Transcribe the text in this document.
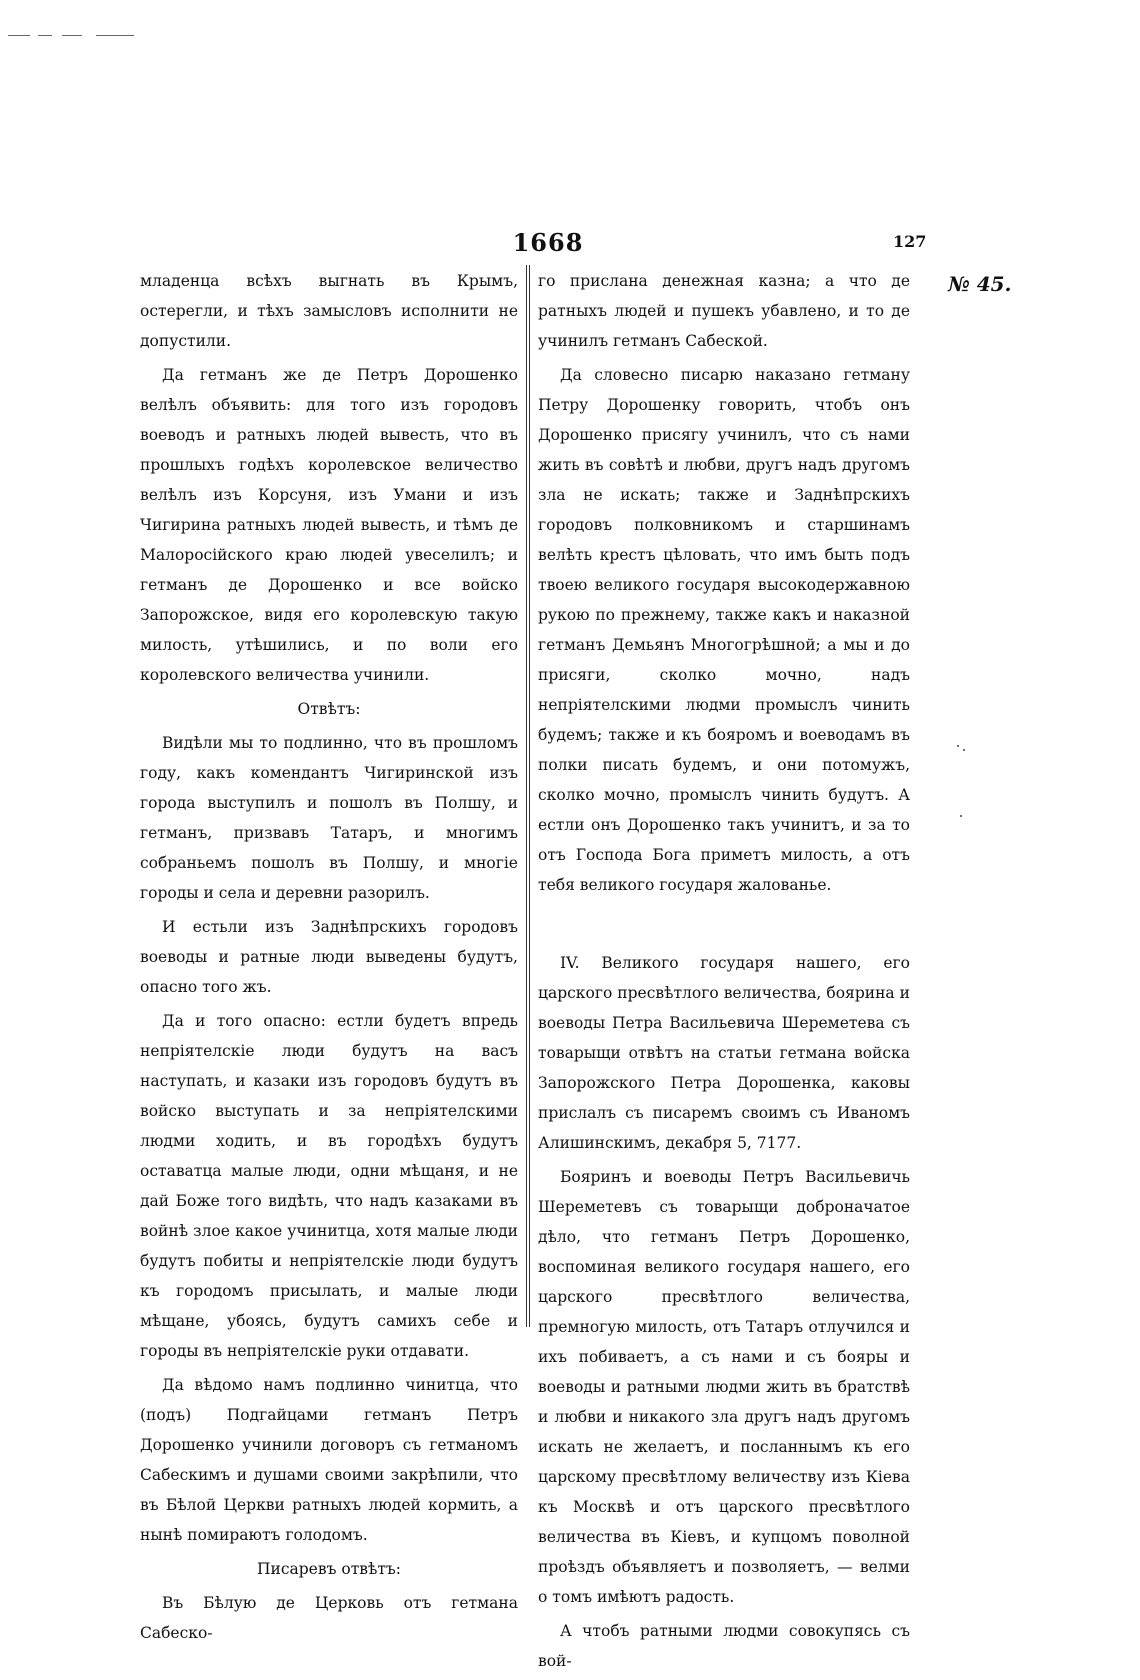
1668	127
№ 45.

младенца всѣхъ выгнать въ Крымъ, остерегли, и тѣхъ замысловъ исполнити не допустили.

Да гетманъ же де Петръ Дорошенко велѣлъ объявить: для того изъ городовъ воеводъ и ратныхъ людей вывесть, что въ прошлыхъ годѣхъ королевское величество велѣлъ изъ Корсуня, изъ Умани и изъ Чигирина ратныхъ людей вывесть, и тѣмъ де Малоросійского краю людей увеселилъ; и гетманъ де Дорошенко и все войско Запорожское, видя его королевскую такую милость, утѣшились, и по воли его королевского величества учинили.

Отвѣтъ:

Видѣли мы то подлинно, что въ прошломъ году, какъ комендантъ Чигиринской изъ города выступилъ и пошолъ въ Полшу, и гетманъ, призвавъ Татаръ, и многимъ собраньемъ пошолъ въ Полшу, и многіе городы и села и деревни разорилъ.

И естьли изъ Заднѣпрскихъ городовъ воеводы и ратные люди выведены будутъ, опасно того жъ.

Да и того опасно: естли будетъ впредь непріятелскіе люди будутъ на васъ наступать, и казаки изъ городовъ будутъ въ войско выступать и за непріятелскими людми ходить, и въ городѣхъ будутъ оставатца малые люди, одни мѣщаня, и не дай Боже того видѣть, что надъ казаками въ войнѣ злое какое учинитца, хотя малые люди будутъ побиты и непріятелскіе люди будутъ къ городомъ присылать, и малые люди мѣщане, убоясь, будутъ самихъ себе и городы въ непріятелскіе руки отдавати.

Да вѣдомо намъ подлинно чинитца, что (подъ) Подгайцами гетманъ Петръ Дорошенко учинили договоръ съ гетманомъ Сабескимъ и душами своими закрѣпили, что въ Бѣлой Церкви ратныхъ людей кормить, а нынѣ помираютъ голодомъ.

Писаревъ отвѣтъ:

Въ Бѣлую де Церковь отъ гетмана Сабеско-

го прислана денежная казна; а что де ратныхъ людей и пушекъ убавлено, и то де учинилъ гетманъ Сабеской.

Да словесно писарю наказано гетману Петру Дорошенку говорить, чтобъ онъ Дорошенко присягу учинилъ, что съ нами жить въ совѣтѣ и любви, другъ надъ другомъ зла не искать; также и Заднѣпрскихъ городовъ полковникомъ и старшинамъ велѣть крестъ цѣловать, что имъ быть подъ твоею великого государя высокодержавною рукою по прежнему, также какъ и наказной гетманъ Демьянъ Многогрѣшной; а мы и до присяги, сколко мочно, надъ непріятелскими людми промыслъ чинить будемъ; также и къ бояромъ и воеводамъ въ полки писать будемъ, и они потомужъ, сколко мочно, промыслъ чинить будутъ. А естли онъ Дорошенко такъ учинитъ, и за то отъ Господа Бога приметъ милость, а отъ тебя великого государя жалованье.

IV. Великого государя нашего, его царского пресвѣтлого величества, боярина и воеводы Петра Васильевича Шереметева съ товарыщи отвѣтъ на статьи гетмана войска Запорожского Петра Дорошенка, каковы прислалъ съ писаремъ своимъ съ Иваномъ Алишинскимъ, декабря 5, 7177.

Бояринъ и воеводы Петръ Васильевичь Шереметевъ съ товарыщи доброначатое дѣло, что гетманъ Петръ Дорошенко, воспоминая великого государя нашего, его царского пресвѣтлого величества, премногую милость, отъ Татаръ отлучился и ихъ побиваетъ, а съ нами и съ бояры и воеводы и ратными людми жить въ братствѣ и любви и никакого зла другъ надъ другомъ искать не желаетъ, и посланнымъ къ его царскому пресвѣтлому величеству изъ Кіева къ Москвѣ и отъ царского пресвѣтлого величества въ Кіевъ, и купцомъ поволной проѣздъ объявляетъ и позволяетъ, — велми о томъ имѣютъ радость.

А чтобъ ратными людми совокупясь съ вой-
